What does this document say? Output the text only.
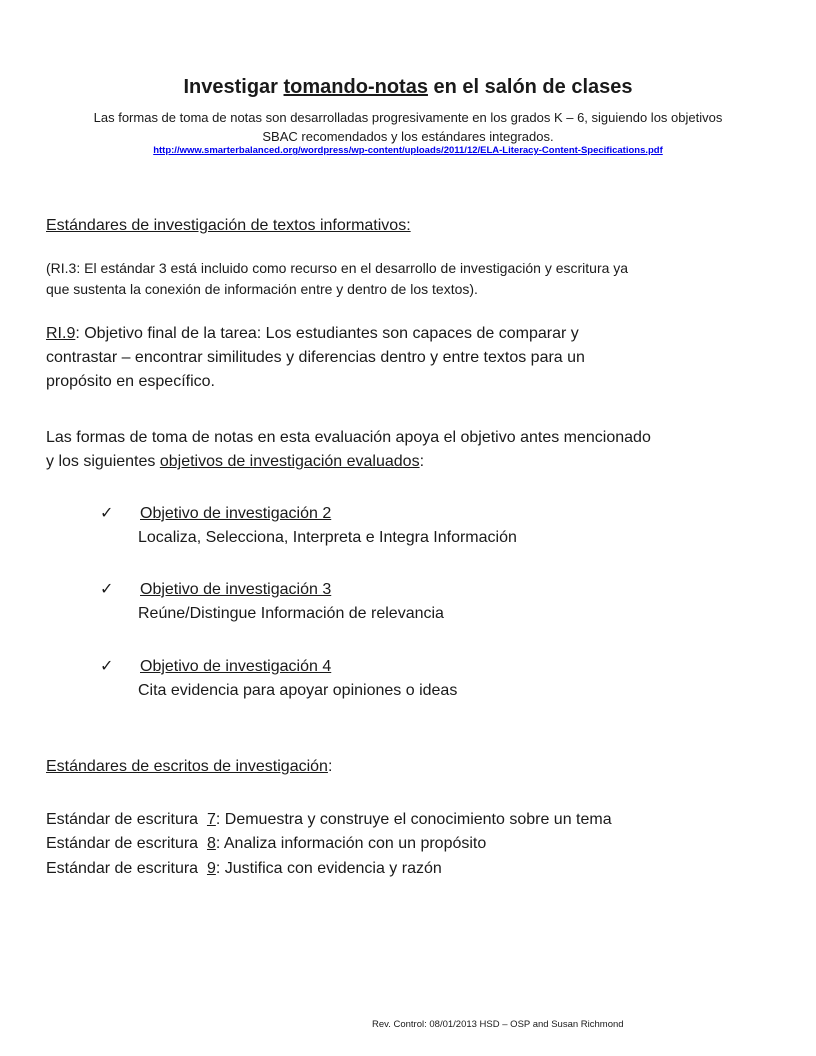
Investigar tomando-notas en el salón de clases
Las formas de toma de notas son desarrolladas progresivamente en los grados K – 6, siguiendo los objetivos
SBAC recomendados y los estándares integrados.
http://www.smarterbalanced.org/wordpress/wp-content/uploads/2011/12/ELA-Literacy-Content-Specifications.pdf
Estándares de investigación de textos informativos:
(RI.3: El estándar 3 está incluido como recurso en el desarrollo de investigación y escritura ya
que sustenta la conexión de información entre y dentro de los textos).
RI.9: Objetivo final de la tarea: Los estudiantes son capaces de comparar y
contrastar – encontrar similitudes y diferencias dentro y entre textos para un
propósito en específico.
Las formas de toma de notas en esta evaluación apoya el objetivo antes mencionado
y los siguientes objetivos de investigación evaluados:
✓ Objetivo de investigación 2
Localiza, Selecciona, Interpreta e Integra Información
✓ Objetivo de investigación 3
Reúne/Distingue Información de relevancia
✓ Objetivo de investigación 4
Cita evidencia para apoyar opiniones o ideas
Estándares de escritos de investigación:
Estándar de escritura  7: Demuestra y construye el conocimiento sobre un tema
Estándar de escritura  8: Analiza información con un propósito
Estándar de escritura  9: Justifica con evidencia y razón
Rev. Control: 08/01/2013 HSD – OSP and Susan Richmond
